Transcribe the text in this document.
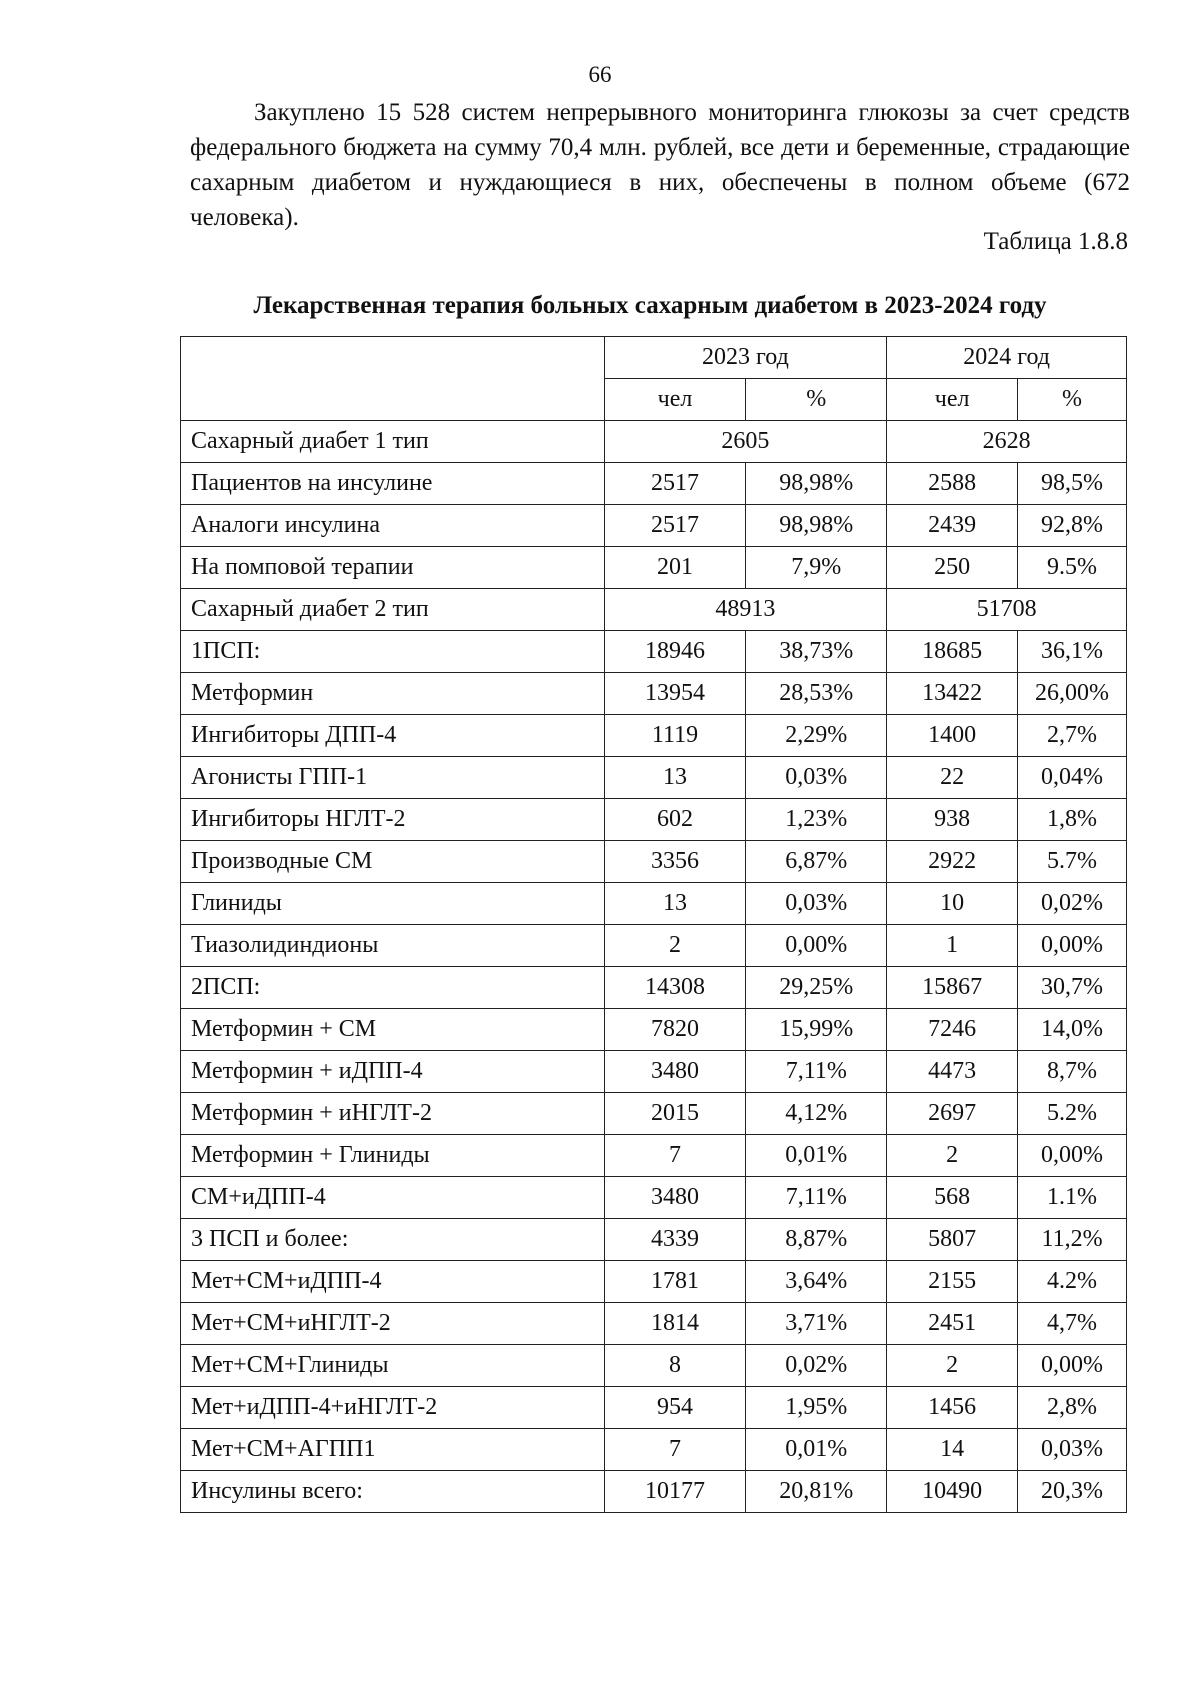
66

Закуплено 15 528 систем непрерывного мониторинга глюкозы за счет средств федерального бюджета на сумму 70,4 млн. рублей, все дети и беременные, страдающие сахарным диабетом и нуждающиеся в них, обеспечены в полном объеме (672 человека).

Таблица 1.8.8
Лекарственная терапия больных сахарным диабетом в 2023-2024 году
	2023 год		2024 год	
	чел	%	чел	%
Сахарный диабет 1 тип	2605		2628	
Пациентов на инсулине	2517	98,98%	2588	98,5%
Аналоги инсулина	2517	98,98%	2439	92,8%
На помповой терапии	201	7,9%	250	9.5%
Сахарный диабет 2 тип	48913		51708	
1ПСП:	18946	38,73%	18685	36,1%
Метформин	13954	28,53%	13422	26,00%
Ингибиторы ДПП-4	1119	2,29%	1400	2,7%
Агонисты ГПП-1	13	0,03%	22	0,04%
Ингибиторы НГЛТ-2	602	1,23%	938	1,8%
Производные СМ	3356	6,87%	2922	5.7%
Глиниды	13	0,03%	10	0,02%
Тиазолидиндионы	2	0,00%	1	0,00%
2ПСП:	14308	29,25%	15867	30,7%
Метформин + СМ	7820	15,99%	7246	14,0%
Метформин + иДПП-4	3480	7,11%	4473	8,7%
Метформин + иНГЛТ-2	2015	4,12%	2697	5.2%
Метформин + Глиниды	7	0,01%	2	0,00%
СМ+иДПП-4	3480	7,11%	568	1.1%
3 ПСП и более:	4339	8,87%	5807	11,2%
Мет+СМ+иДПП-4	1781	3,64%	2155	4.2%
Мет+СМ+иНГЛТ-2	1814	3,71%	2451	4,7%
Мет+СМ+Глиниды	8	0,02%	2	0,00%
Мет+иДПП-4+иНГЛТ-2	954	1,95%	1456	2,8%
Мет+СМ+АГПП1	7	0,01%	14	0,03%
Инсулины всего:	10177	20,81%	10490	20,3%
